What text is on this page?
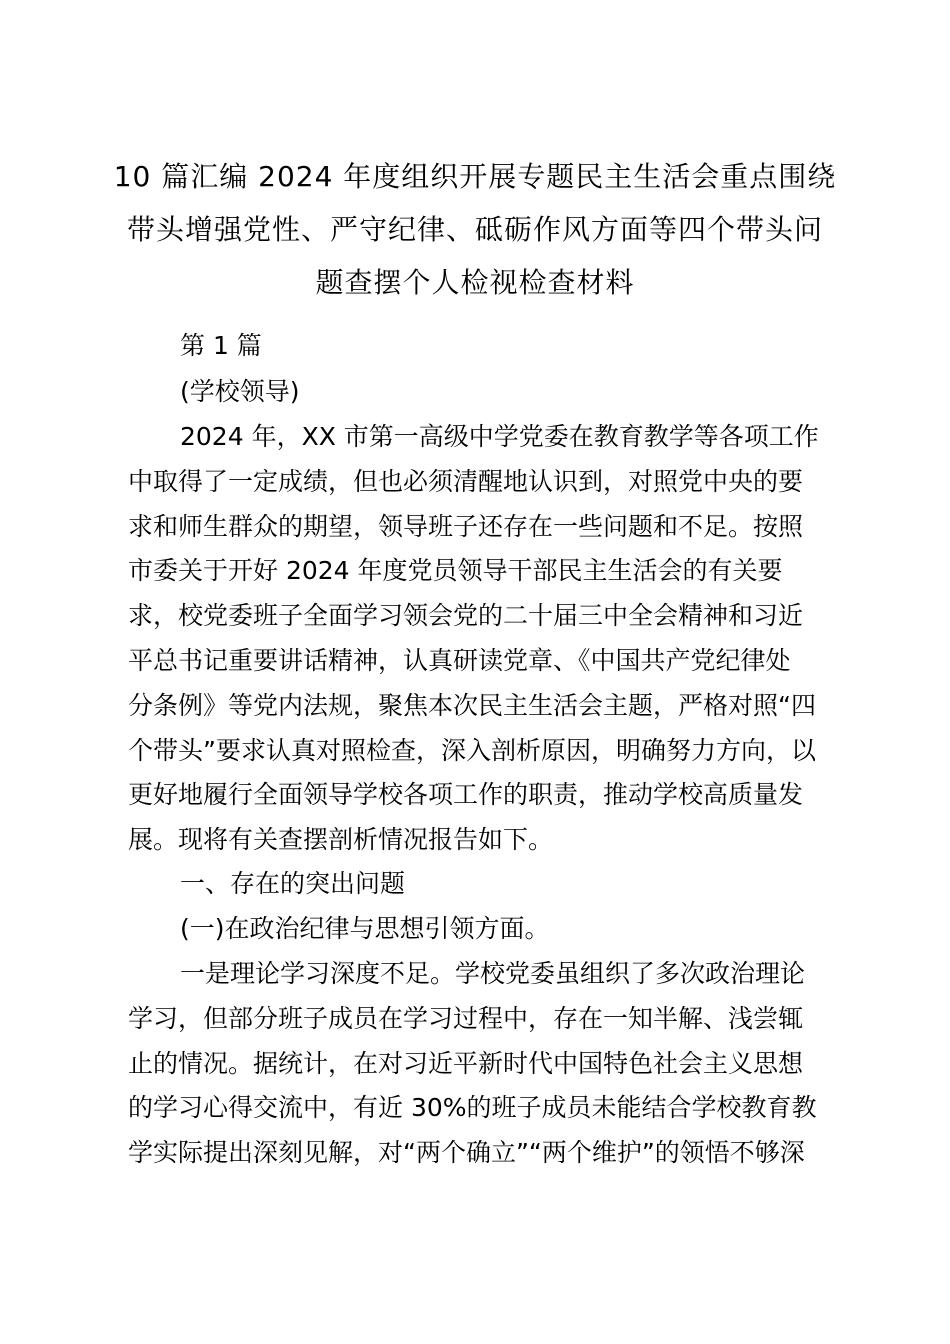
10 篇汇编 2024 年度组织开展专题民主生活会重点围绕
带头增强党性、严守纪律、砥砺作风方面等四个带头问
题查摆个人检视检查材料

第 1 篇

(学校领导)

2024 年，XX 市第一高级中学党委在教育教学等各项工作
中取得了一定成绩，但也必须清醒地认识到，对照党中央的要
求和师生群众的期望，领导班子还存在一些问题和不足。按照
市委关于开好 2024 年度党员领导干部民主生活会的有关要
求，校党委班子全面学习领会党的二十届三中全会精神和习近
平总书记重要讲话精神，认真研读党章、《中国共产党纪律处
分条例》等党内法规，聚焦本次民主生活会主题，严格对照“四
个带头”要求认真对照检查，深入剖析原因，明确努力方向，以
更好地履行全面领导学校各项工作的职责，推动学校高质量发
展。现将有关查摆剖析情况报告如下。

一、存在的突出问题

(一)在政治纪律与思想引领方面。

一是理论学习深度不足。学校党委虽组织了多次政治理论
学习，但部分班子成员在学习过程中，存在一知半解、浅尝辄
止的情况。据统计，在对习近平新时代中国特色社会主义思想
的学习心得交流中，有近 30%的班子成员未能结合学校教育教
学实际提出深刻见解，对“两个确立”“两个维护”的领悟不够深
